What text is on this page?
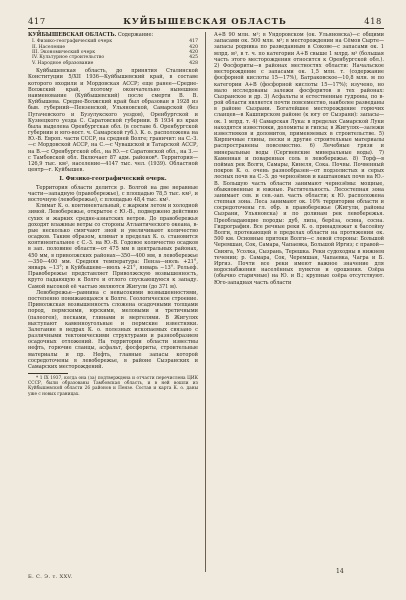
417	КУЙБЫШЕВСКАЯ ОБЛАСТЬ	418

КУЙБЫШЕВСКАЯ ОБЛАСТЬ. Содержание:

I. Физико-географический очерк	417
II. Население	420
III. Экономический очерк	420
IV. Культурное строительство	425
V. Народное образование	428

Куйбышевская область, до принятия Сталинской Конституции 5/XII 1936—Куйбышевский край, в составе которого входили и Мордовская АССР; еще ранее—Средне-Волжский край, поэтому окончательно нынешнее наименование (Куйбышевский) после смерти В. В. Куйбышева. Средне-Волжский край был образован в 1928 из быв. губерний—Пензенской, Ульяновской, Самарской (без Пугачевского и Бузулукского уездов), Оренбургской и Кузнецкого уезда С. Саратовской губернии. В 1934 из края была выделена Оренбургская обл. (в составе б. Оренбургской губернии и юго-вост. ч. Самарской губ.). К. о. расположена на Ю.-В. Европ. части СССР, на средней Волге; граничит: на С.-З.—с Мордовской АССР, на С.—с Чувашской и Татарской АССР, на В.—с Оренбургской обл., на Ю.—с Саратовской обл., на З.—с Тамбовской обл. Включает 87 адм. районов*. Территория—126,9 тыс. км², население—4147 тыс. чел. (1939). Областной центр—г. Куйбышев.

I. Физико-географический очерк.

Территория области делится р. Волгой на две неравные части—западную (правобережье), с площадью 78,5 тыс. км², и восточную (левобережье), с площадью 48,4 тыс. км².

Климат К. о. континентальный, с жарким летом и холодной зимой. Левобережье, открытое с Ю.-В., подвержено действию сухих и жарких средне-азиатских ветров. До правобережья доходят влажные ветры со стороны Атлантического океана, в-рые несколько смягчают зной и увеличивают количество осадков. Таким образом, климат в пределах К. о. становится континентальнее с С.-З. на Ю.-В. Годовое количество осадков в зап. половине области—от 475 мм в центральных районах, 450 мм, в приволжских районах—350—400 мм, в левобережье—350—400 мм. Средняя температура: Пенза—июль +21°, январь −13°; в Куйбышеве—июль +21°, январь −13°. Рельеф. Правобережье представляет Приволжскую возвышенность, круто падающую к Волге и отлого спускающуюся к западу. Самой высокой её частью являются Жигули (до 371 м).

Левобережье—равнина с невысокими возвышенностями, постепенно понижающаяся к Волге. Геологическое строение. Приволжская возвышенность сложена осадочными толщами пород, пермскими, юрскими, меловыми и третичными (палеоген), песками, глинами и мергелями. В Жигулях выступают каменноугольные и пермские известняки. Залегание в недрах К. о. полезных ископаемых связано с различными тектоническими структурами и разнообразием осадочных отложений. На территории области известны нефть, горючие сланцы, асфальт, фосфориты, строительные материалы и пр. Нефть, главные запасы которой сосредоточены в левобережье, в районе Сызранских и Самарских месторождений.

* 1 IX 1937, когда она (за) подтверждена и отчасти перечислена ЦИК СССР, были образованы Тамбовская область, и в ней вошли из Куйбышевской области 26 районов и Пензе. Состав и карта К. о. даны уже с новых границах.

А+В 90 млн. м³; в Ундоровском (ок. Ульяновска)—с общими запасами ок. 500 млн. м³; в месторождении на Сёмов Сырте—запасы родника по разведанным в Сокове—с запасами ок. 1 млрд. м³, в т. ч. по категории А+В свыше 1 млрд. м³ (большая часть этого месторождения относится к Оренбургской обл.). 2) Фосфориты—в районах местностях области: Начальское месторождение с запасами ок. 1,5 млн. т. (содержание фосфорной кислоты 15—17%), Батраковское—10,8 млн. м по категории А+В (фосфорной кислоты 15—17%); изучено, но мало исследованы залежи фосфоритов в тех районах: Сызранское и др. 3) Асфальты и естественные гудроны, по в-рой области является почти повсеместно, наиболее разведаны в районе Сызрани. Богатейшее месторождение горючих сланцев—в Кашпирском районе (к югу от Сызрани): запасы—ок. 1 млрд. т. 4) Самарская Лука: в пределах Самарской Луки находятся известняки, доломиты и гипсы; в Жигулях—залежи известняков и доломитов, применяемых в строительстве. 5) Кирпичные глины, пески и другие строительные материалы распространены повсеместно. 6) Лечебные грязи и минеральные воды (Сергиевские минеральные воды). 7) Каменная и поваренная соль в левобережье. 8) Торф—в поймах рек Волги, Самары, Кинеля, Сока. Почвы. Почвенный покров К. о. очень разнообразен—от подзолистых и серых лесных почв на С.-З. до чернозёмов и каштановых почв на Ю.-В. Большую часть области занимают чернозёмы: мощные, обыкновенные и южные. Растительность. Лесостепная зона занимает сев. и сев.-зап. часть области; к Ю. расположена степная зона. Леса занимают ок. 10% территории области и сосредоточены гл. обр. в правобережье (Жигули, районы Сызрани, Ульяновска) и по долинам рек левобережья. Преобладающие породы: дуб, липа, берёза, осина, сосна. Гидрография. Все речные реки К. о. принадлежат к бассейну Волги, протекающей в пределах области на протяжении ок. 500 км. Основные притоки Волги—с левой стороны: Большой Черемшан, Сок, Самара, Чапаевка, Большой Иргиз; с правой—Свияга, Усолка, Сызрань, Терешка. Реки судоходны в нижнем течении; р. Самара, Сок, Черемшан, Чапаевка, Чагра и Б. Иргиз. Почти все реки имеют важное значение для водоснабжения населённых пунктов и орошения. Озёра (обычно старичные) на Ю. и В.; крупные озёра отсутствуют. Юго-западная часть области

Б. С. Э. т. XXV.
14
